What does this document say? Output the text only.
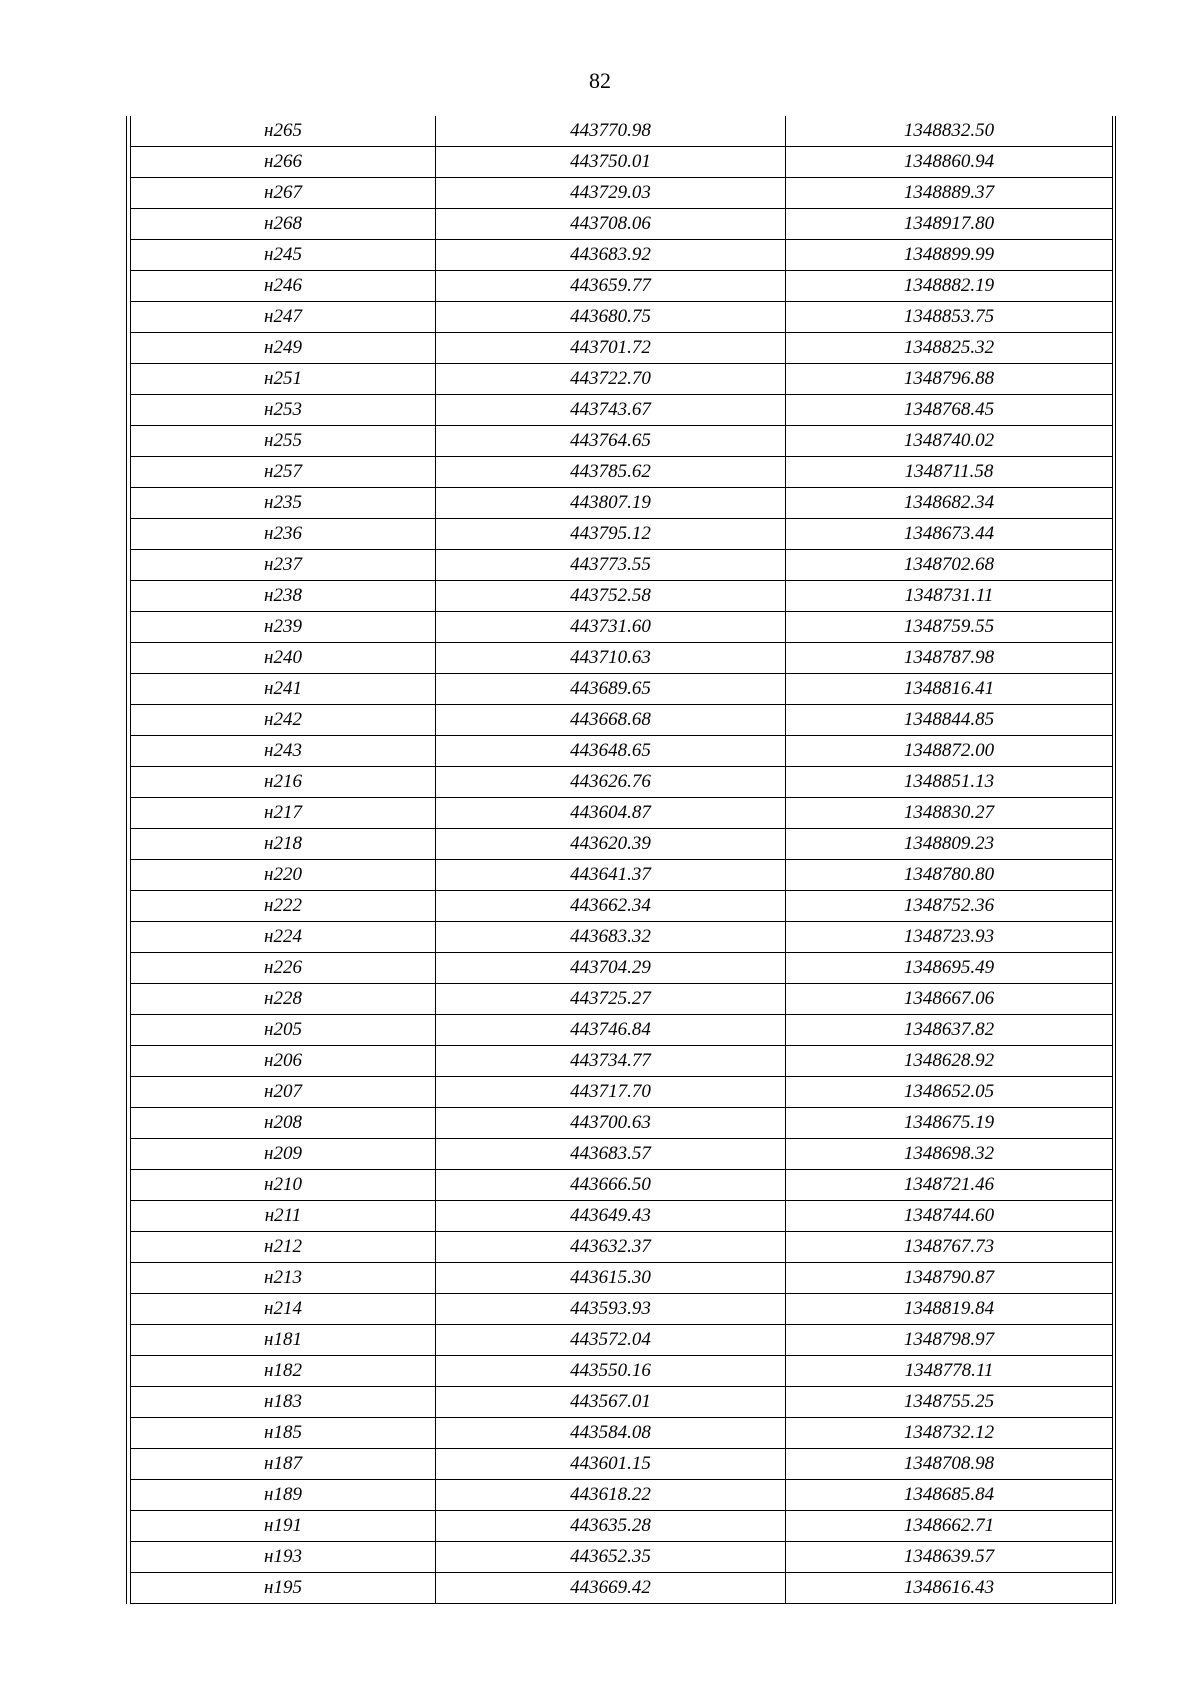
82
н265	443770.98	1348832.50
н266	443750.01	1348860.94
н267	443729.03	1348889.37
н268	443708.06	1348917.80
н245	443683.92	1348899.99
н246	443659.77	1348882.19
н247	443680.75	1348853.75
н249	443701.72	1348825.32
н251	443722.70	1348796.88
н253	443743.67	1348768.45
н255	443764.65	1348740.02
н257	443785.62	1348711.58
н235	443807.19	1348682.34
н236	443795.12	1348673.44
н237	443773.55	1348702.68
н238	443752.58	1348731.11
н239	443731.60	1348759.55
н240	443710.63	1348787.98
н241	443689.65	1348816.41
н242	443668.68	1348844.85
н243	443648.65	1348872.00
н216	443626.76	1348851.13
н217	443604.87	1348830.27
н218	443620.39	1348809.23
н220	443641.37	1348780.80
н222	443662.34	1348752.36
н224	443683.32	1348723.93
н226	443704.29	1348695.49
н228	443725.27	1348667.06
н205	443746.84	1348637.82
н206	443734.77	1348628.92
н207	443717.70	1348652.05
н208	443700.63	1348675.19
н209	443683.57	1348698.32
н210	443666.50	1348721.46
н211	443649.43	1348744.60
н212	443632.37	1348767.73
н213	443615.30	1348790.87
н214	443593.93	1348819.84
н181	443572.04	1348798.97
н182	443550.16	1348778.11
н183	443567.01	1348755.25
н185	443584.08	1348732.12
н187	443601.15	1348708.98
н189	443618.22	1348685.84
н191	443635.28	1348662.71
н193	443652.35	1348639.57
н195	443669.42	1348616.43
